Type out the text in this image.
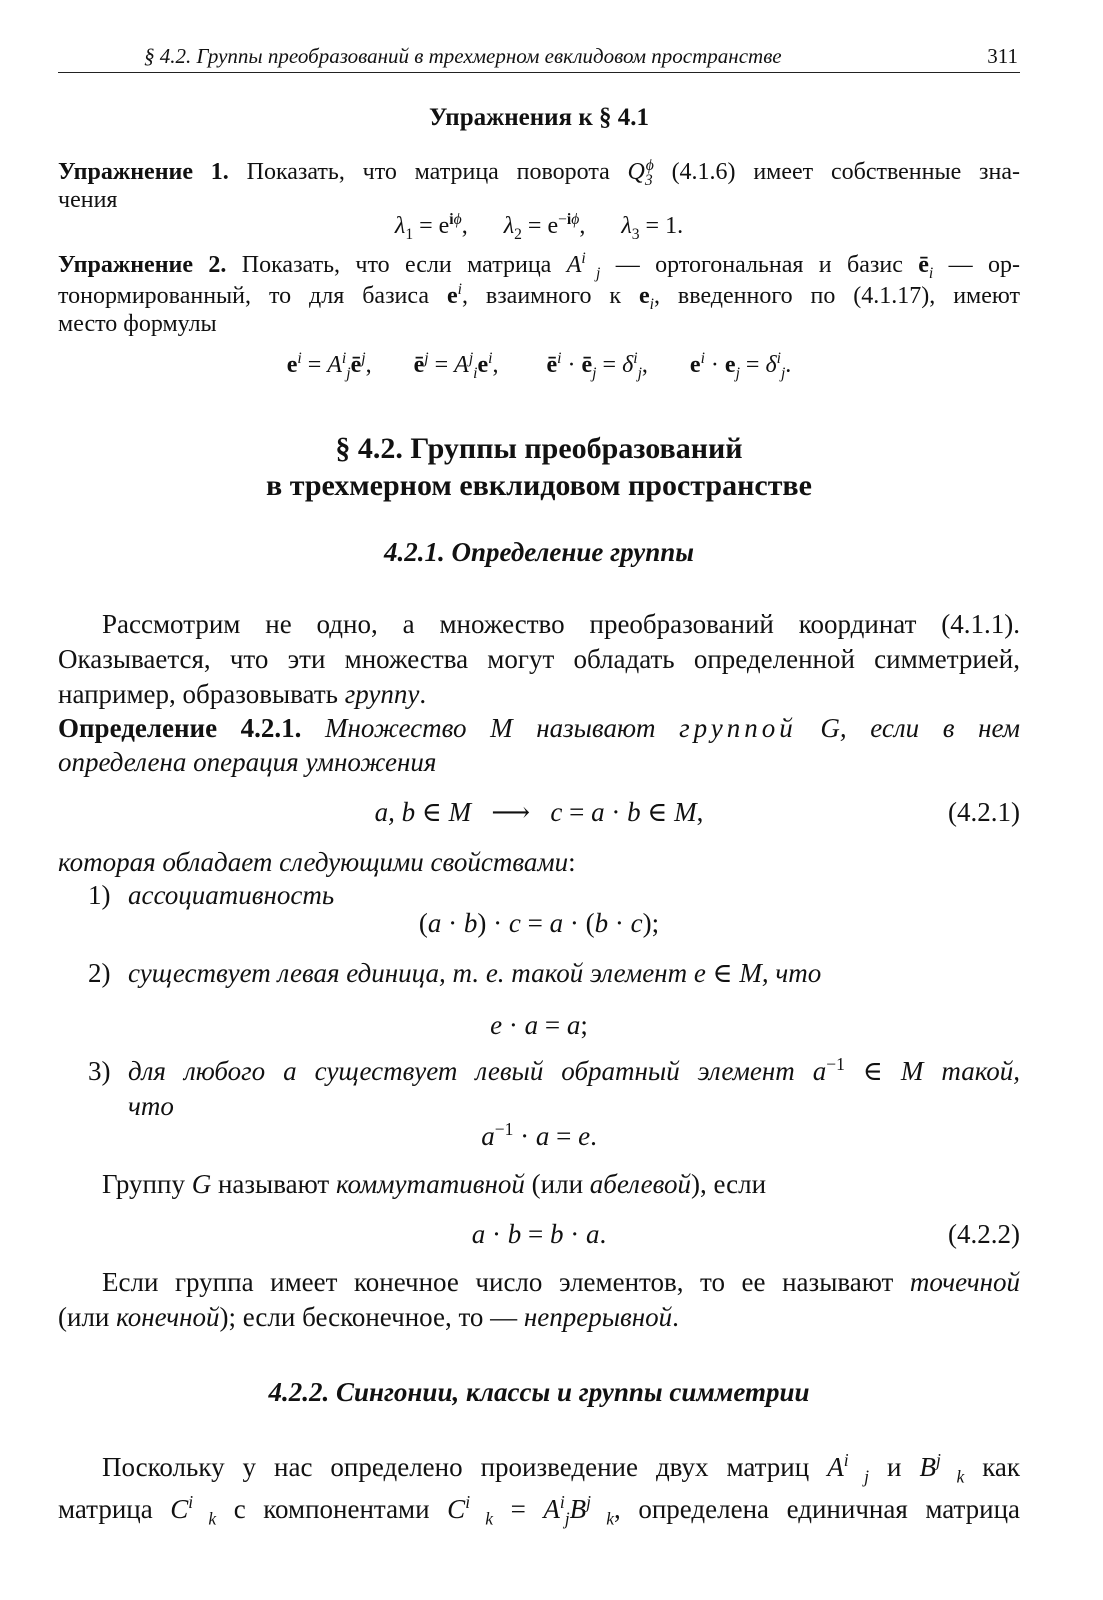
§ 4.2. Группы преобразований в трехмерном евклидовом пространстве	311
Упражнения к § 4.1
Упражнение 1. Показать, что матрица поворота $Q_3^\phi$ (4.1.6) имеет собственные зна-
чения
$\lambda_1 = e^{i\phi}$,      $\lambda_2 = e^{-i\phi}$,      $\lambda_3 = 1$.
Упражнение 2. Показать, что если матрица $A^i$ $_j$ — ортогональная и базис $ē_i$ — ор-
тонормированный, то для базиса $e^i$, взаимного к $e_i$, введенного по (4.1.17), имеют
место формулы
$e^i$ = $A^i_jē^j$,       $ē^j = A^j_ie^i$,        $ē^i$ · $ē_j = \delta^i_j$,       $e^i \cdot e_j = \delta^i_j$.
§ 4.2. Группы преобразований
в трехмерном евклидовом пространстве
4.2.1. Определение группы
Рассмотрим не одно, а множество преобразований координат (4.1.1).
Оказывается, что эти множества могут обладать определенной симметрией,
например, образовывать группу.
Определение 4.2.1. Множество M называют группой G, если в нем
определена операция умножения
a, b ∈ M   ⟶   c = a · b ∈ M,	(4.2.1)
которая обладает следующими свойствами:
1) ассоциативность
(a · b) · c = a · (b · c);
2) существует левая единица, т. е. такой элемент e ∈ M, что
e · a = a;
3) для любого a существует левый обратный элемент $a^{-1}$ ∈ M такой,
что
$a^{-1} \cdot a = e$.
Группу G называют коммутативной (или абелевой), если
a · b = b · a.	(4.2.2)
Если группа имеет конечное число элементов, то ее называют точечной
(или конечной); если бесконечное, то — непрерывной.
4.2.2. Сингонии, классы и группы симметрии
Поскольку у нас определено произведение двух матриц $A^i$ $_j$ и $B^j$ $_k$ как
матрица $C^i$ $_k$ с компонентами $C^i$ $_k = A^i_jB^j$ $_k$, определена единичная матрица
